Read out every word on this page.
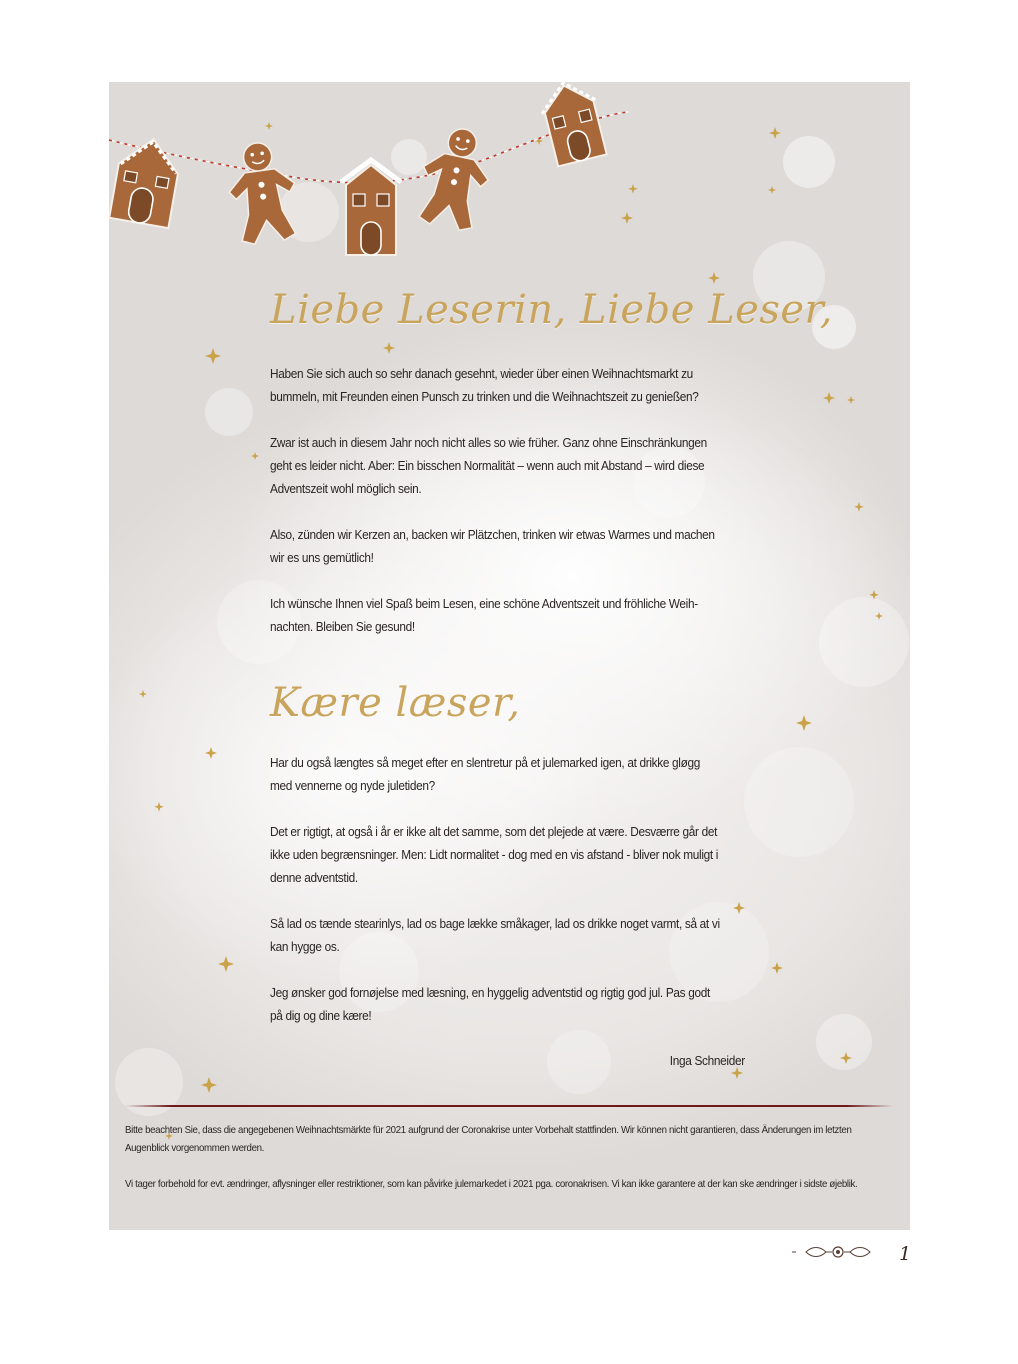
Liebe Leserin, Liebe Leser,

Haben Sie sich auch so sehr danach gesehnt, wieder über einen Weihnachtsmarkt zu bummeln, mit Freunden einen Punsch zu trinken und die Weihnachtszeit zu genießen?

Zwar ist auch in diesem Jahr noch nicht alles so wie früher. Ganz ohne Einschränkungen geht es leider nicht. Aber: Ein bisschen Normalität – wenn auch mit Abstand – wird diese Adventszeit wohl möglich sein.

Also, zünden wir Kerzen an, backen wir Plätzchen, trinken wir etwas Warmes und machen wir es uns gemütlich!

Ich wünsche Ihnen viel Spaß beim Lesen, eine schöne Adventszeit und fröhliche Weih-nachten. Bleiben Sie gesund!

Kære læser,

Har du også længtes så meget efter en slentretur på et julemarked igen, at drikke gløgg med vennerne og nyde juletiden?

Det er rigtigt, at også i år er ikke alt det samme, som det plejede at være. Desværre går det ikke uden begrænsninger. Men: Lidt normalitet - dog med en vis afstand - bliver nok muligt i denne adventstid.

Så lad os tænde stearinlys, lad os bage lække småkager, lad os drikke noget varmt, så at vi kan hygge os.

Jeg ønsker god fornøjelse med læsning, en hyggelig adventstid og rigtig god jul. Pas godt på dig og dine kære!

Inga Schneider

Bitte beachten Sie, dass die angegebenen Weihnachtsmärkte für 2021 aufgrund der Coronakrise unter Vorbehalt stattfinden. Wir können nicht garantieren, dass Änderungen im letzten Augenblick vorgenommen werden.

Vi tager forbehold for evt. ændringer, aflysninger eller restriktioner, som kan påvirke julemarkedet i 2021 pga. coronakrisen. Vi kan ikke garantere at der kan ske ændringer i sidste øjeblik.

1
